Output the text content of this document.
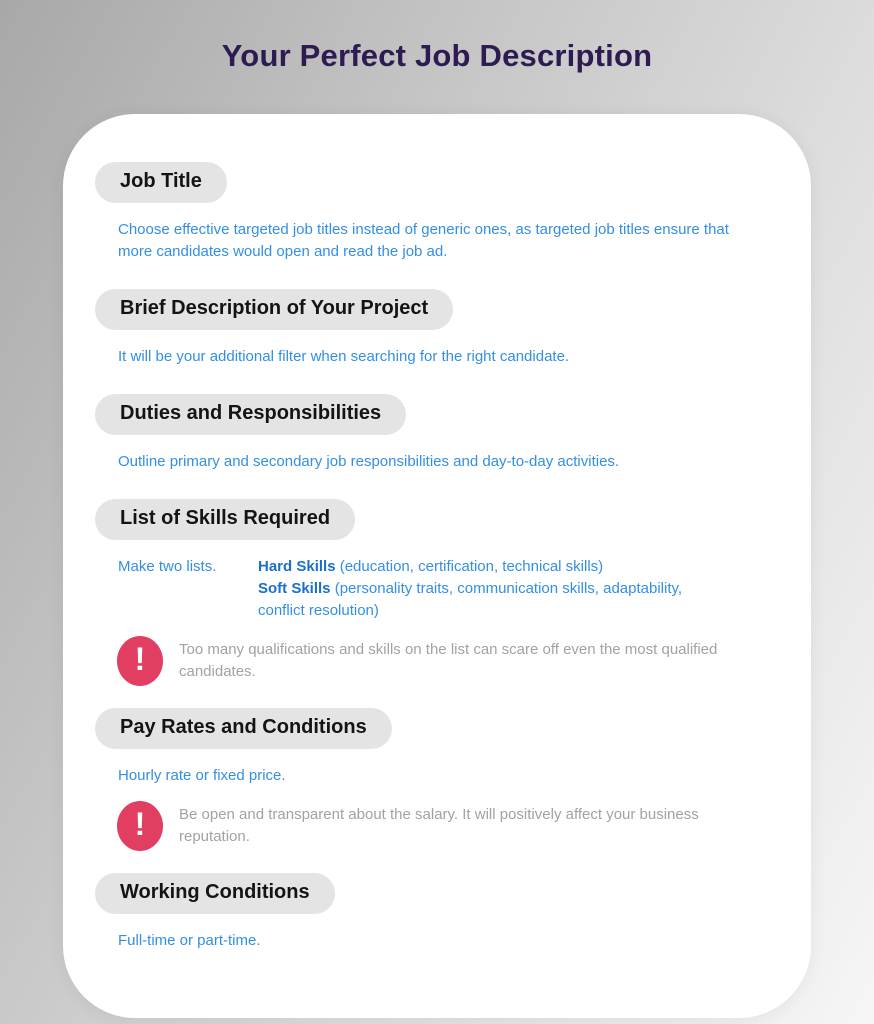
Your Perfect Job Description
Job Title

Choose effective targeted job titles instead of generic ones, as targeted job titles ensure that more candidates would open and read the job ad.

Brief Description of Your Project

It will be your additional filter when searching for the right candidate.

Duties and Responsibilities

Outline primary and secondary job responsibilities and day-to-day activities.

List of Skills Required
Make two lists.	Hard Skills (education, certification, technical skills)
Soft Skills (personality traits, communication skills, adaptability, conflict resolution)
!	Too many qualifications and skills on the list can scare off even the most qualified candidates.

Pay Rates and Conditions

Hourly rate or fixed price.

!	Be open and transparent about the salary. It will positively affect your business reputation.

Working Conditions

Full-time or part-time.
